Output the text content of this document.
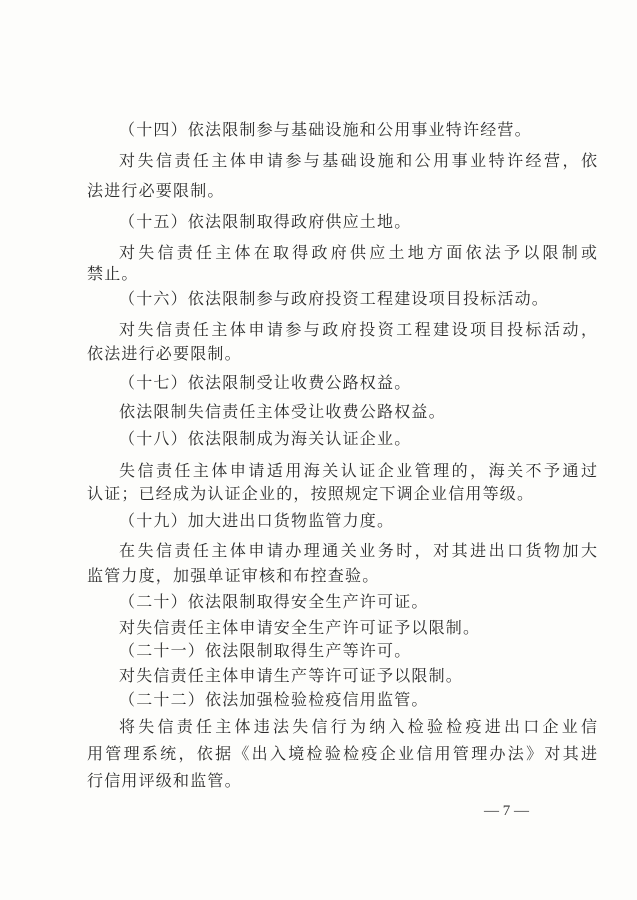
（十四）依法限制参与基础设施和公用事业特许经营。
对失信责任主体申请参与基础设施和公用事业特许经营，依
法进行必要限制。
（十五）依法限制取得政府供应土地。
对失信责任主体在取得政府供应土地方面依法予以限制或
禁止。
（十六）依法限制参与政府投资工程建设项目投标活动。
对失信责任主体申请参与政府投资工程建设项目投标活动，
依法进行必要限制。
（十七）依法限制受让收费公路权益。
依法限制失信责任主体受让收费公路权益。
（十八）依法限制成为海关认证企业。
失信责任主体申请适用海关认证企业管理的，海关不予通过
认证；已经成为认证企业的，按照规定下调企业信用等级。
（十九）加大进出口货物监管力度。
在失信责任主体申请办理通关业务时，对其进出口货物加大
监管力度，加强单证审核和布控查验。
（二十）依法限制取得安全生产许可证。
对失信责任主体申请安全生产许可证予以限制。
（二十一）依法限制取得生产等许可。
对失信责任主体申请生产等许可证予以限制。
（二十二）依法加强检验检疫信用监管。
将失信责任主体违法失信行为纳入检验检疫进出口企业信
用管理系统，依据《出入境检验检疫企业信用管理办法》对其进
行信用评级和监管。
— 7 —
